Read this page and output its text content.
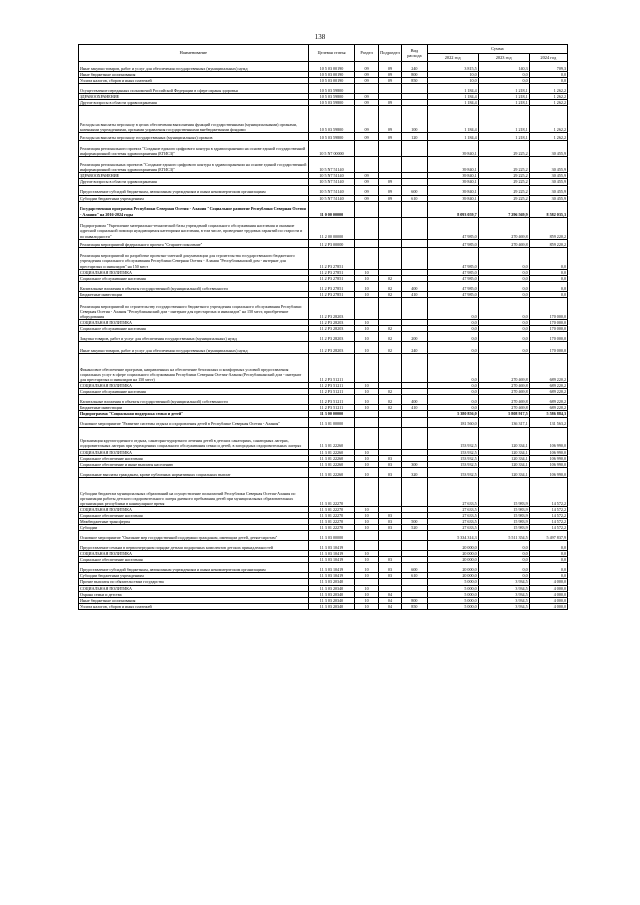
138
Наименование	Целевая статья	Раздел	Подраздел	Вид расхода	Сумма		
					2022 год	2023 год	2024 год
Иные закупки товаров, работ и услуг для обеспечения государственных (муниципальных) нужд	10 5 03 00190	09	09	240	3 815,5	140,3	709,3
Иные бюджетные ассигнования	10 5 03 00190	09	09	800	10,0	0,0	0,0
Уплата налогов, сборов и иных платежей	10 5 03 00190	09	09	850	10,0	0,0	0,0
Осуществление переданных полномочий Российской Федерации в сфере охраны здоровья	10 5 03 59800				1 184,4	1 218,1	1 262,2
ЗДРАВООХРАНЕНИЕ	10 5 03 59800	09			1 184,4	1 218,1	1 262,2
Другие вопросы в области здравоохранения	10 5 03 59800	09	09		1 184,4	1 218,1	1 262,2
Расходы на выплаты персоналу в целях обеспечения выполнения функций государственными (муниципальными) органами, казенными учреждениями, органами управления государственными внебюджетными фондами	10 5 03 59800	09	09	100	1 184,4	1 218,1	1 262,2
Расходы на выплаты персоналу государственных (муниципальных) органов	10 5 03 59800	09	09	120	1 184,4	1 218,1	1 262,2
Реализация регионального проекта "Создание единого цифрового контура в здравоохранении на основе единой государственной информационной системы здравоохранения (ЕГИСЗ)"	10 5 N7 00000				39 840,1	29 225,2	30 455,9
Реализация региональных проектов "Создание единого цифрового контура в здравоохранении на основе единой государственной информационной системы здравоохранения (ЕГИСЗ)"	10 5 N7 51140				39 840,1	29 225,2	30 455,9
ЗДРАВООХРАНЕНИЕ	10 5 N7 51140	09			39 840,1	29 225,2	30 455,9
Другие вопросы в области здравоохранения	10 5 N7 51140	09	09		39 840,1	29 225,2	30 455,9
Предоставление субсидий бюджетным, автономным учреждениям и иным некоммерческим организациям	10 5 N7 51140	09	09	600	39 840,1	29 225,2	30 455,9
Субсидии бюджетным учреждениям	10 5 N7 51140	09	09	610	39 840,1	29 225,2	30 455,9
Государственная программа Республики Северная Осетия - Алания "Социальное развитие Республики Северная Осетия - Алания" на 2016-2024 годы	11 0 00 00000				8 093 059,7	7 296 569,9	8 582 035,3
Подпрограмма "Укрепление материально-технической базы учреждений социального обслуживания населения и оказание адресной социальной помощи нуждающимся категориям населения, в том числе, проведение трудовых гарантий по старости и по инвалидности"	11 2 00 00000				47 985,0	270 469,8	859 220,2
Реализация мероприятий федерального проекта "Старшее поколение"	11 2 P3 00000				47 985,0	270 469,8	859 220,2
Реализация мероприятий по разработке проектно-сметной документации для строительства государственного бюджетного учреждения социального обслуживания Республики Северная Осетия - Алания "Республиканский дом - интернат для престарелых и инвалидов" на 150 мест	11 2 P3 27851				47 985,0	0,0	0,0
СОЦИАЛЬНАЯ ПОЛИТИКА	11 2 P3 27851	10			47 985,0	0,0	0,0
Социальное обслуживание населения	11 2 P3 27851	10	02		47 985,0	0,0	0,0
Капитальные вложения в объекты государственной (муниципальной) собственности	11 2 P3 27851	10	02	400	47 985,0	0,0	0,0
Бюджетные инвестиции	11 2 P3 27851	10	02	410	47 985,0	0,0	0,0
Реализация мероприятий по строительству государственного бюджетного учреждения социального обслуживания Республики Северная Осетия - Алания "Республиканский дом - интернат для престарелых и инвалидов" на 150 мест, приобретение оборудования	11 2 P3 28203				0,0	0,0	170 000,0
СОЦИАЛЬНАЯ ПОЛИТИКА	11 2 P3 28203	10			0,0	0,0	170 000,0
Социальное обслуживание населения	11 2 P3 28203	10	02		0,0	0,0	170 000,0
Закупка товаров, работ и услуг для обеспечения государственных (муниципальных) нужд	11 2 P3 28203	10	02	200	0,0	0,0	170 000,0
Иные закупки товаров, работ и услуг для обеспечения государственных (муниципальных) нужд	11 2 P3 28203	10	02	240	0,0	0,0	170 000,0
Финансовое обеспечение программ, направленных на обеспечение безопасных и комфортных условий предоставления социальных услуг в сфере социального обслуживания Республики Северная Осетия-Алания (Республиканский дом - интернат для престарелых и инвалидов на 150 мест)	11 2 P3 51211				0,0	270 469,8	689 220,2
СОЦИАЛЬНАЯ ПОЛИТИКА	11 2 P3 51211	10			0,0	270 469,8	689 220,2
Социальное обслуживание населения	11 2 P3 51211	10	02		0,0	270 469,8	689 220,2
Капитальные вложения в объекты государственной (муниципальной) собственности	11 2 P3 51211	10	02	400	0,0	270 469,8	689 220,2
Бюджетные инвестиции	11 2 P3 51211	10	02	410	0,0	270 469,8	689 220,2
Подпрограмма "Социальная поддержка семьи и детей"	11 3 00 00000				5 380 856,0	5 808 917,5	5 586 884,3
Основное мероприятие "Развитие системы отдыха и оздоровления детей в Республике Северная Осетия - Алания"	11 3 01 00000				181 560,0	136 317,1	131 563,2
Организация круглогодичного отдыха, санаторно-курортного лечения детей в детских санаториях, санаторных лагерях, оздоровительных лагерях при учреждениях социального обслуживания семьи и детей, в загородных оздоровительных лагерях	11 3 01 22260				153 932,5	120 334,1	106 990,0
СОЦИАЛЬНАЯ ПОЛИТИКА	11 3 01 22260	10			153 932,5	120 334,1	106 990,0
Социальное обеспечение населения	11 3 01 22260	10	03		153 932,5	120 334,1	106 990,0
Социальное обеспечение и иные выплаты населению	11 3 01 22260	10	03	300	153 932,5	120 334,1	106 990,0
Социальные выплаты гражданам, кроме публичных нормативных социальных выплат	11 3 01 22260	10	03	320	153 932,5	120 334,1	106 990,0
Субсидии бюджетам муниципальных образований на осуществление полномочий Республики Северная Осетия-Алания по организации работы детского оздоровительного лагеря дневного пребывания детей при муниципальных образовательных организациях республики в каникулярное время	11 3 01 22270				27 633,5	15 983,9	14 572,2
СОЦИАЛЬНАЯ ПОЛИТИКА	11 3 01 22270	10			27 633,5	15 983,9	14 572,2
Социальное обеспечение населения	11 3 01 22270	10	03		27 633,5	15 983,9	14 572,2
Межбюджетные трансферты	11 3 01 22270	10	03	500	27 633,5	15 983,9	14 572,2
Субсидии	11 3 01 22270	10	03	520	27 633,5	15 983,9	14 572,2
Основное мероприятие "Оказание мер государственной поддержки гражданам, имеющим детей, детям-сиротам"	11 3 03 00000				5 334 314,3	5 511 354,5	5 497 837,9
Предоставление семьям в первоочередном порядке детьми подарочных комплектов детских принадлежностей	11 3 03 10419				20 000,0	0,0	0,0
СОЦИАЛЬНАЯ ПОЛИТИКА	11 3 03 10419	10			20 000,0	0,0	0,0
Социальное обеспечение населения	11 3 03 10419	10	03		20 000,0	0,0	0,0
Предоставление субсидий бюджетным, автономным учреждениям и иным некоммерческим организациям	11 3 03 10419	10	03	600	20 000,0	0,0	0,0
Субсидии бюджетным учреждениям	11 3 03 10419	10	03	610	20 000,0	0,0	0,0
Прочие выплаты по обязательствам государства	11 3 03 20340				5 000,0	3 934,5	4 000,0
СОЦИАЛЬНАЯ ПОЛИТИКА	11 3 03 20340	10			5 000,0	3 934,5	4 000,0
Охрана семьи и детства	11 3 03 20340	10	04		5 000,0	3 934,5	4 000,0
Иные бюджетные ассигнования	11 3 03 20340	10	04	800	5 000,0	3 934,5	4 000,0
Уплата налогов, сборов и иных платежей	11 3 03 20340	10	04	850	5 000,0	3 934,5	4 000,0
